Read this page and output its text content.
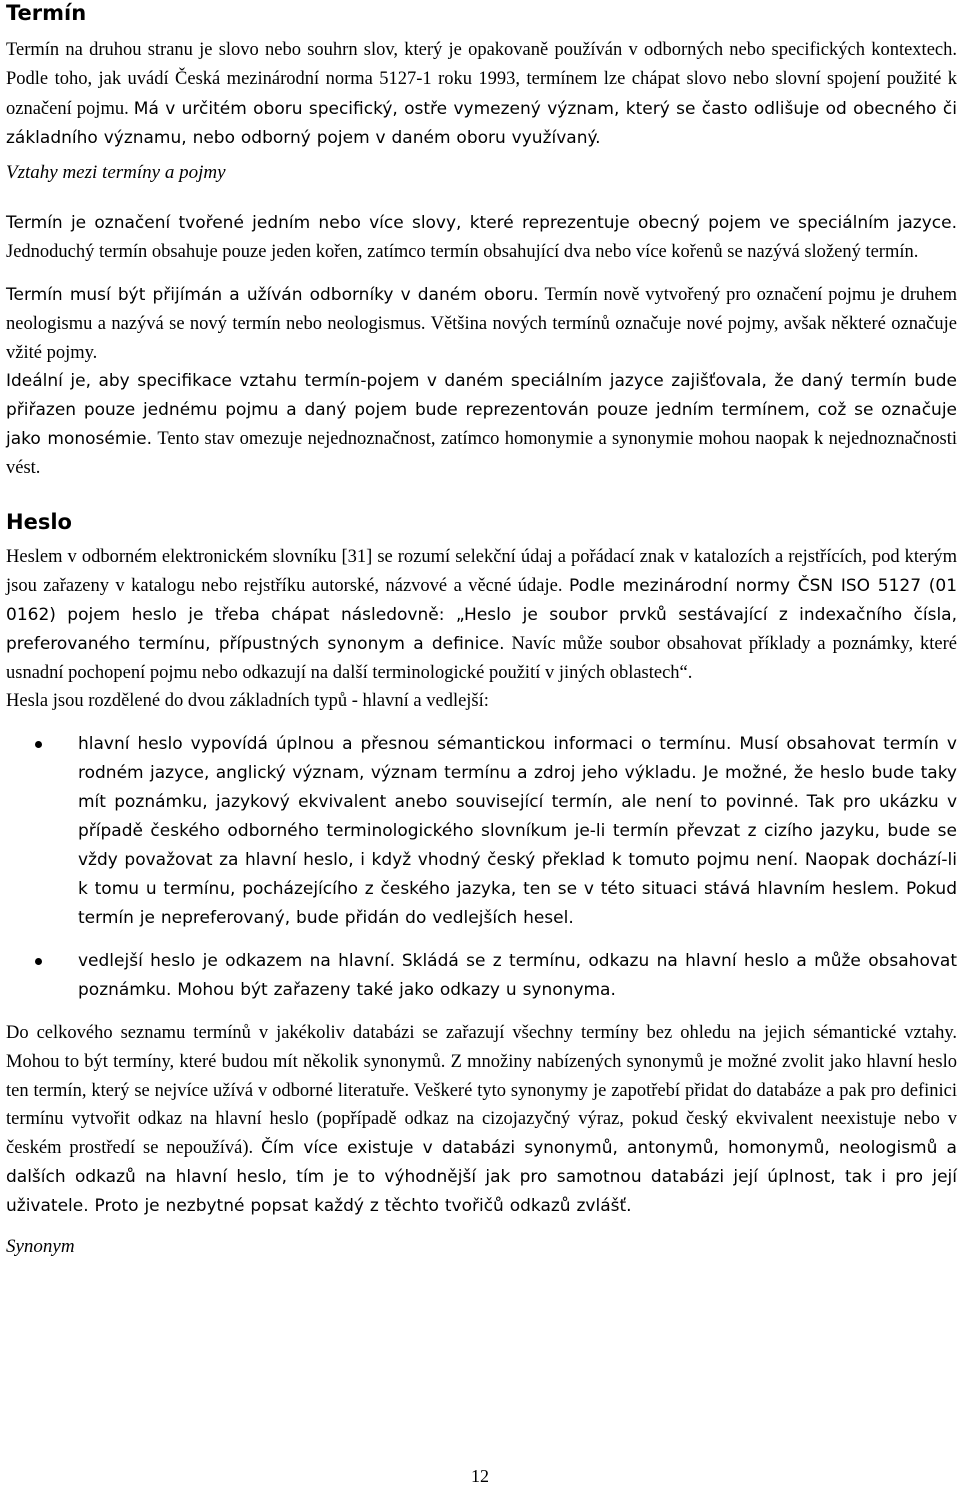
Termín

Termín na druhou stranu je slovo nebo souhrn slov, který je opakovaně používán v odborných nebo specifických kontextech. Podle toho, jak uvádí Česká mezinárodní norma 5127-1 roku 1993, termínem lze chápat slovo nebo slovní spojení použité k označení pojmu. Má v určitém oboru specifický, ostře vymezený význam, který se často odlišuje od obecného či základního významu, nebo odborný pojem v daném oboru využívaný.

Vztahy mezi termíny a pojmy

Termín je označení tvořené jedním nebo více slovy, které reprezentuje obecný pojem ve speciálním jazyce. Jednoduchý termín obsahuje pouze jeden kořen, zatímco termín obsahující dva nebo více kořenů se nazývá složený termín.

Termín musí být přijímán a užíván odborníky v daném oboru. Termín nově vytvořený pro označení pojmu je druhem neologismu a nazývá se nový termín nebo neologismus. Většina nových termínů označuje nové pojmy, avšak některé označuje vžité pojmy.

Ideální je, aby specifikace vztahu termín-pojem v daném speciálním jazyce zajišťovala, že daný termín bude přiřazen pouze jednému pojmu a daný pojem bude reprezentován pouze jedním termínem, což se označuje jako monosémie. Tento stav omezuje nejednoznačnost, zatímco homonymie a synonymie mohou naopak k nejednoznačnosti vést.

Heslo

Heslem v odborném elektronickém slovníku [31] se rozumí selekční údaj a pořádací znak v katalozích a rejstřících, pod kterým jsou zařazeny v katalogu nebo rejstříku autorské, názvové a věcné údaje. Podle mezinárodní normy ČSN ISO 5127 (01 0162) pojem heslo je třeba chápat následovně: „Heslo je soubor prvků sestávající z indexačního čísla, preferovaného termínu, přípustných synonym a definice. Navíc může soubor obsahovat příklady a poznámky, které usnadní pochopení pojmu nebo odkazují na další terminologické použití v jiných oblastech“.

Hesla jsou rozdělené do dvou základních typů - hlavní a vedlejší:

hlavní heslo vypovídá úplnou a přesnou sémantickou informaci o termínu. Musí obsahovat termín v rodném jazyce, anglický význam, význam termínu a zdroj jeho výkladu. Je možné, že heslo bude taky mít poznámku, jazykový ekvivalent anebo související termín, ale není to povinné. Tak pro ukázku v případě českého odborného terminologického slovníkum je-li termín převzat z cizího jazyku, bude se vždy považovat za hlavní heslo, i když vhodný český překlad k tomuto pojmu není. Naopak dochází-li k tomu u termínu, pocházejícího z českého jazyka, ten se v této situaci stává hlavním heslem. Pokud termín je nepreferovaný, bude přidán do vedlejších hesel.

vedlejší heslo je odkazem na hlavní. Skládá se z termínu, odkazu na hlavní heslo a může obsahovat poznámku. Mohou být zařazeny také jako odkazy u synonyma.

Do celkového seznamu termínů v jakékoliv databázi se zařazují všechny termíny bez ohledu na jejich sémantické vztahy. Mohou to být termíny, které budou mít několik synonymů. Z množiny nabízených synonymů je možné zvolit jako hlavní heslo ten termín, který se nejvíce užívá v odborné literatuře. Veškeré tyto synonymy je zapotřebí přidat do databáze a pak pro definici termínu vytvořit odkaz na hlavní heslo (popřípadě odkaz na cizojazyčný výraz, pokud český ekvivalent neexistuje nebo v českém prostředí se nepoužívá). Čím více existuje v databázi synonymů, antonymů, homonymů, neologismů a dalších odkazů na hlavní heslo, tím je to výhodnější jak pro samotnou databázi její úplnost, tak i pro její uživatele. Proto je nezbytné popsat každý z těchto tvořičů odkazů zvlášť.

Synonym
12
